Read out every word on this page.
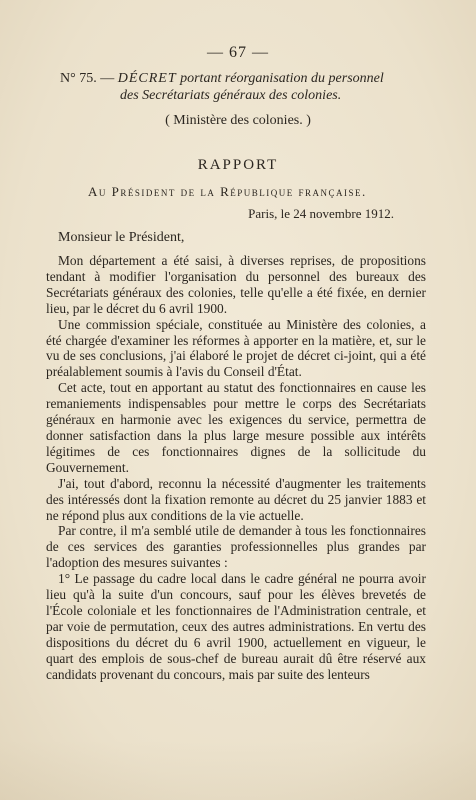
— 67 —
N° 75. — DÉCRET portant réorganisation du personnel
des Secrétariats généraux des colonies.
( Ministère des colonies. )
RAPPORT
Au Président de la République française.
Paris, le 24 novembre 1912.
Monsieur le Président,

Mon département a été saisi, à diverses reprises, de propositions tendant à modifier l'organisation du personnel des bureaux des Secrétariats généraux des colonies, telle qu'elle a été fixée, en dernier lieu, par le décret du 6 avril 1900.

Une commission spéciale, constituée au Ministère des colonies, a été chargée d'examiner les réformes à apporter en la matière, et, sur le vu de ses conclusions, j'ai élaboré le projet de décret ci-joint, qui a été préalablement soumis à l'avis du Conseil d'État.

Cet acte, tout en apportant au statut des fonctionnaires en cause les remaniements indispensables pour mettre le corps des Secrétariats généraux en harmonie avec les exigences du service, permettra de donner satisfaction dans la plus large mesure possible aux intérêts légitimes de ces fonctionnaires dignes de la sollicitude du Gouvernement.

J'ai, tout d'abord, reconnu la nécessité d'augmenter les traitements des intéressés dont la fixation remonte au décret du 25 janvier 1883 et ne répond plus aux conditions de la vie actuelle.

Par contre, il m'a semblé utile de demander à tous les fonctionnaires de ces services des garanties professionnelles plus grandes par l'adoption des mesures suivantes :

1° Le passage du cadre local dans le cadre général ne pourra avoir lieu qu'à la suite d'un concours, sauf pour les élèves brevetés de l'École coloniale et les fonctionnaires de l'Administration centrale, et par voie de permutation, ceux des autres administrations. En vertu des dispositions du décret du 6 avril 1900, actuellement en vigueur, le quart des emplois de sous-chef de bureau aurait dû être réservé aux candidats provenant du concours, mais par suite des lenteurs
